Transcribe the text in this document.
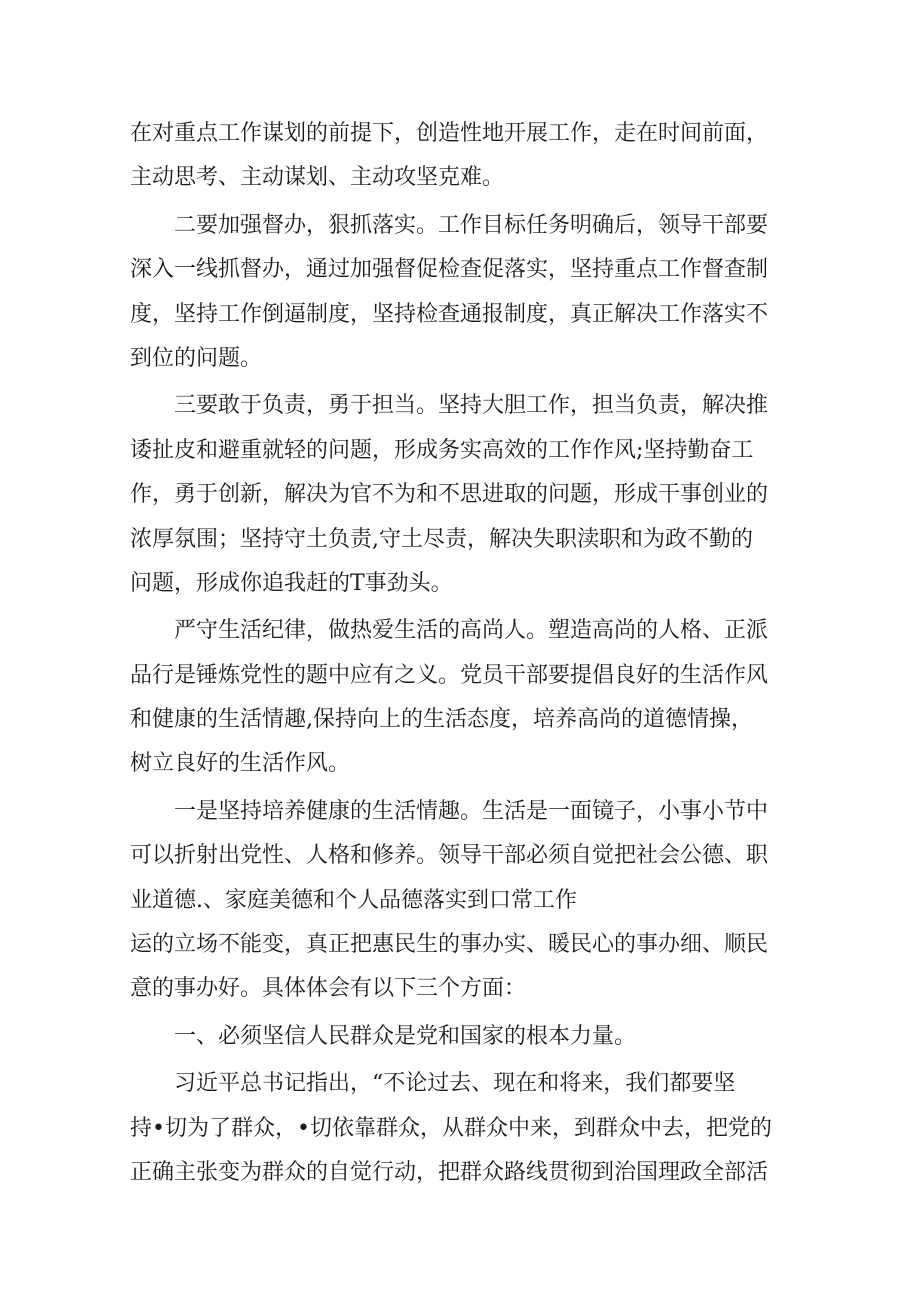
在对重点工作谋划的前提下，创造性地开展工作，走在时间前面，
主动思考、主动谋划、主动攻坚克难。
二要加强督办，狠抓落实。工作目标任务明确后，领导干部要
深入一线抓督办，通过加强督促检查促落实，坚持重点工作督查制
度，坚持工作倒逼制度，坚持检查通报制度，真正解决工作落实不
到位的问题。
三要敢于负责，勇于担当。坚持大胆工作，担当负责，解决推
诿扯皮和避重就轻的问题，形成务实高效的工作作风;坚持勤奋工
作，勇于创新，解决为官不为和不思进取的问题，形成干事创业的
浓厚氛围；坚持守土负责,守土尽责，解决失职渎职和为政不勤的
问题，形成你追我赶的T事劲头。
严守生活纪律，做热爱生活的高尚人。塑造高尚的人格、正派
品行是锤炼党性的题中应有之义。党员干部要提倡良好的生活作风
和健康的生活情趣,保持向上的生活态度，培养高尚的道德情操，
树立良好的生活作风。
一是坚持培养健康的生活情趣。生活是一面镜子，小事小节中
可以折射出党性、人格和修养。领导干部必须自觉把社会公德、职
业道德.、家庭美德和个人品德落实到口常工作
运的立场不能变，真正把惠民生的事办实、暖民心的事办细、顺民
意的事办好。具体体会有以下三个方面：
一、必须坚信人民群众是党和国家的根本力量。
习近平总书记指出，“不论过去、现在和将来，我们都要坚
持•切为了群众，•切依靠群众，从群众中来，到群众中去，把党的
正确主张变为群众的自觉行动，把群众路线贯彻到治国理政全部活
